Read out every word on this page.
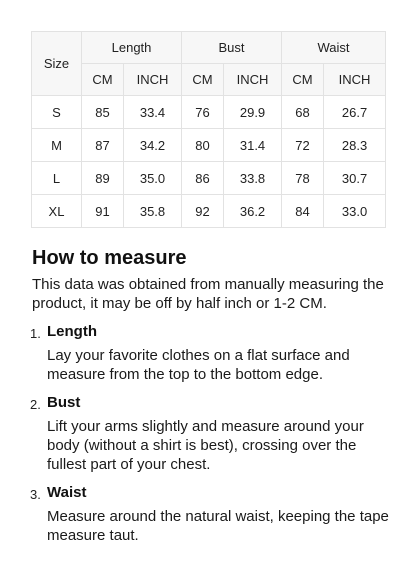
Size	Length		Bust		Waist	
	CM	INCH	CM	INCH	CM	INCH
S	85	33.4	76	29.9	68	26.7
M	87	34.2	80	31.4	72	28.3
L	89	35.0	86	33.8	78	30.7
XL	91	35.8	92	36.2	84	33.0
How to measure

This data was obtained from manually measuring the product, it may be off by half inch or 1-2 CM.

1. Length
Lay your favorite clothes on a flat surface and measure from the top to the bottom edge.
2. Bust
Lift your arms slightly and measure around your body (without a shirt is best), crossing over the fullest part of your chest.
3. Waist
Measure around the natural waist, keeping the tape measure taut.
